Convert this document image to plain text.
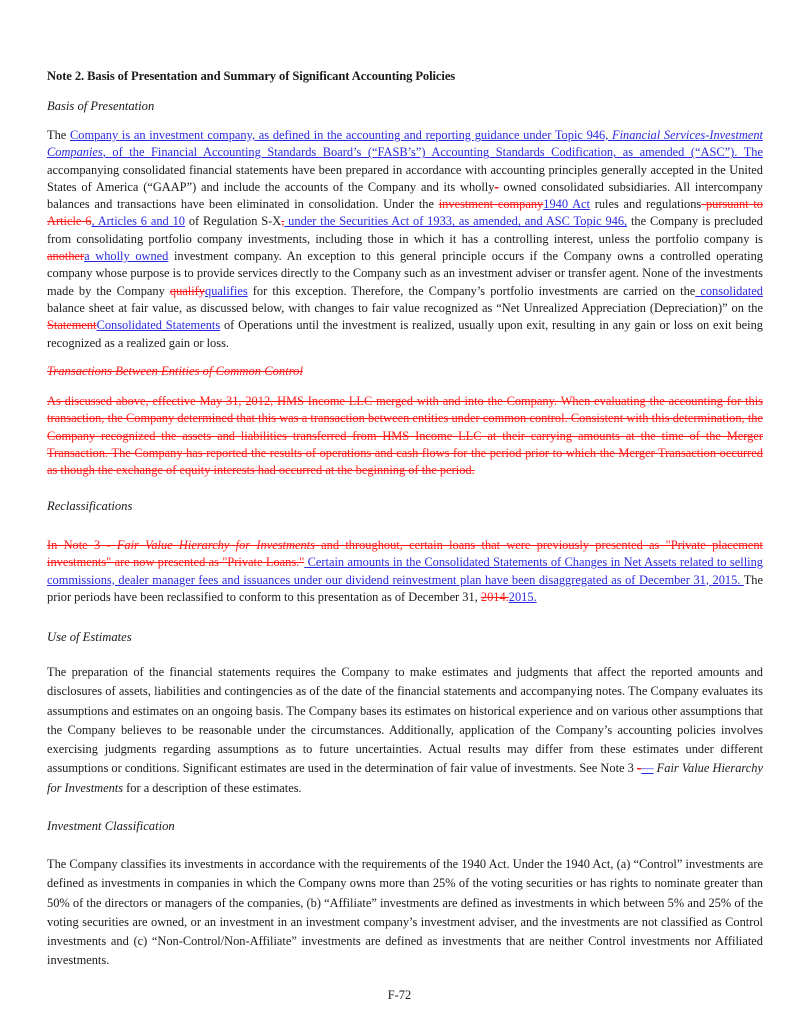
Note 2. Basis of Presentation and Summary of Significant Accounting Policies
Basis of Presentation
The Company is an investment company, as defined in the accounting and reporting guidance under Topic 946, Financial Services-Investment Companies, of the Financial Accounting Standards Board’s (“FASB’s”) Accounting Standards Codification, as amended (“ASC”). The accompanying consolidated financial statements have been prepared in accordance with accounting principles generally accepted in the United States of America (“GAAP”) and include the accounts of the Company and its wholly- owned consolidated subsidiaries. All intercompany balances and transactions have been eliminated in consolidation. Under the investment company1940 Act rules and regulations pursuant to Article 6, Articles 6 and 10 of Regulation S-X, under the Securities Act of 1933, as amended, and ASC Topic 946, the Company is precluded from consolidating portfolio company investments, including those in which it has a controlling interest, unless the portfolio company is anothera wholly owned investment company. An exception to this general principle occurs if the Company owns a controlled operating company whose purpose is to provide services directly to the Company such as an investment adviser or transfer agent. None of the investments made by the Company qualifyqualifies for this exception. Therefore, the Company’s portfolio investments are carried on the consolidated balance sheet at fair value, as discussed below, with changes to fair value recognized as “Net Unrealized Appreciation (Depreciation)” on the StatementConsolidated Statements of Operations until the investment is realized, usually upon exit, resulting in any gain or loss on exit being recognized as a realized gain or loss.
Transactions Between Entities of Common Control
As discussed above, effective May 31, 2012, HMS Income LLC merged with and into the Company. When evaluating the accounting for this transaction, the Company determined that this was a transaction between entities under common control. Consistent with this determination, the Company recognized the assets and liabilities transferred from HMS Income LLC at their carrying amounts at the time of the Merger Transaction. The Company has reported the results of operations and cash flows for the period prior to which the Merger Transaction occurred as though the exchange of equity interests had occurred at the beginning of the period.
Reclassifications
In Note 3 - Fair Value Hierarchy for Investments and throughout, certain loans that were previously presented as "Private placement investments" are now presented as "Private Loans." Certain amounts in the Consolidated Statements of Changes in Net Assets related to selling commissions, dealer manager fees and issuances under our dividend reinvestment plan have been disaggregated as of December 31, 2015. The prior periods have been reclassified to conform to this presentation as of December 31, 2014.2015.
Use of Estimates
The preparation of the financial statements requires the Company to make estimates and judgments that affect the reported amounts and disclosures of assets, liabilities and contingencies as of the date of the financial statements and accompanying notes. The Company evaluates its assumptions and estimates on an ongoing basis. The Company bases its estimates on historical experience and on various other assumptions that the Company believes to be reasonable under the circumstances. Additionally, application of the Company’s accounting policies involves exercising judgments regarding assumptions as to future uncertainties. Actual results may differ from these estimates under different assumptions or conditions. Significant estimates are used in the determination of fair value of investments. See Note 3 -— Fair Value Hierarchy for Investments for a description of these estimates.
Investment Classification
The Company classifies its investments in accordance with the requirements of the 1940 Act. Under the 1940 Act, (a) “Control” investments are defined as investments in companies in which the Company owns more than 25% of the voting securities or has rights to nominate greater than 50% of the directors or managers of the companies, (b) “Affiliate” investments are defined as investments in which between 5% and 25% of the voting securities are owned, or an investment in an investment company’s investment adviser, and the investments are not classified as Control investments and (c) “Non-Control/Non-Affiliate” investments are defined as investments that are neither Control investments nor Affiliated investments.
F-72
